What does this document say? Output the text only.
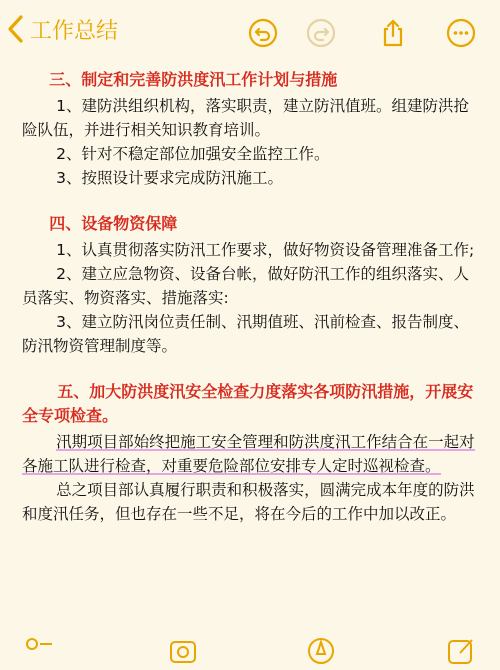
工作总结

三、制定和完善防洪度汛工作计划与措施

1、建防洪组织机构，落实职责，建立防汛值班。组建防洪抢险队伍，并进行相关知识教育培训。

2、针对不稳定部位加强安全监控工作。

3、按照设计要求完成防汛施工。

四、设备物资保障

1、认真贯彻落实防汛工作要求，做好物资设备管理准备工作;

2、建立应急物资、设备台帐，做好防汛工作的组织落实、人员落实、物资落实、措施落实:

3、建立防汛岗位责任制、汛期值班、汛前检查、报告制度、防汛物资管理制度等。

五、加大防洪度汛安全检查力度落实各项防汛措施，开展安全专项检查。

汛期项目部始终把施工安全管理和防洪度汛工作结合在一起对各施工队进行检查，对重要危险部位安排专人定时巡视检查。

总之项目部认真履行职责和积极落实，圆满完成本年度的防洪和度汛任务，但也存在一些不足，将在今后的工作中加以改正。
